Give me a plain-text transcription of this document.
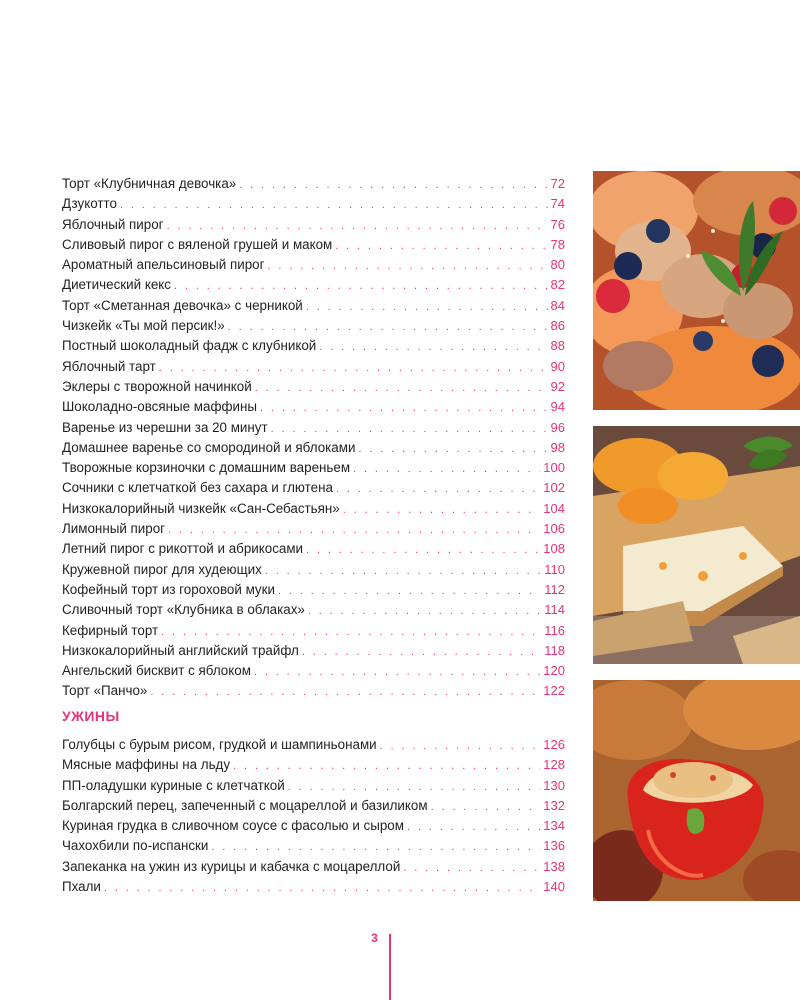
Торт «Клубничная девочка» . . .	72
Дзукотто . . .	74
Яблочный пирог . . .	76
Сливовый пирог с вяленой грушей и маком . . .	78
Ароматный апельсиновый пирог . . .	80
Диетический кекс . . .	82
Торт «Сметанная девочка» с черникой . . .	84
Чизкейк «Ты мой персик!» . . .	86
Постный шоколадный фадж с клубникой . . .	88
Яблочный тарт . . .	90
Эклеры с творожной начинкой . . .	92
Шоколадно-овсяные маффины . . .	94
Варенье из черешни за 20 минут . . .	96
Домашнее варенье со смородиной и яблоками . . .	98
Творожные корзиночки с домашним вареньем . . .	100
Сочники с клетчаткой без сахара и глютена . . .	102
Низкокалорийный чизкейк «Сан-Себастьян» . . .	104
Лимонный пирог . . .	106
Летний пирог с рикоттой и абрикосами . . .	108
Кружевной пирог для худеющих . . .	110
Кофейный торт из гороховой муки . . .	112
Сливочный торт «Клубника в облаках» . . .	114
Кефирный торт . . .	116
Низкокалорийный английский трайфл . . .	118
Ангельский бисквит с яблоком . . .	120
Торт «Панчо» . . .	122
УЖИНЫ
Голубцы с бурым рисом, грудкой и шампиньонами . . .	126
Мясные маффины на льду . . .	128
ПП-оладушки куриные с клетчаткой . . .	130
Болгарский перец, запеченный с моцареллой и базиликом . . .	132
Куриная грудка в сливочном соусе с фасолью и сыром . . .	134
Чахохбили по-испански . . .	136
Запеканка на ужин из курицы и кабачка с моцареллой . . .	138
Пхали . . .	140
3
